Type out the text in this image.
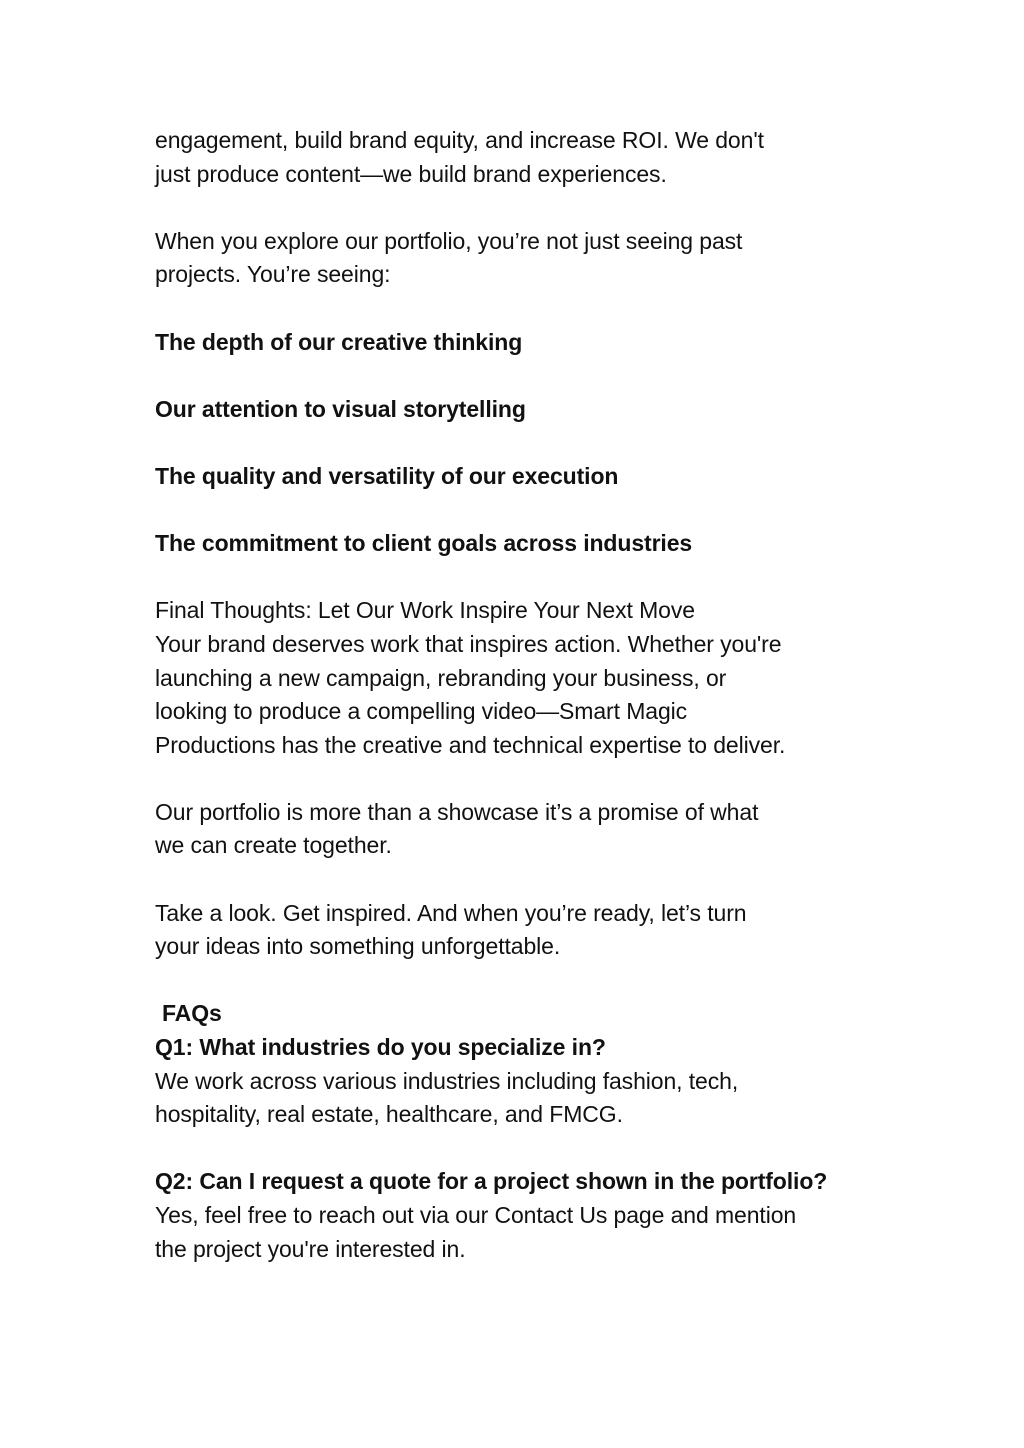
engagement, build brand equity, and increase ROI. We don't

just produce content—we build brand experiences.

When you explore our portfolio, you’re not just seeing past

projects. You’re seeing:

The depth of our creative thinking

Our attention to visual storytelling

The quality and versatility of our execution

The commitment to client goals across industries

Final Thoughts: Let Our Work Inspire Your Next Move

Your brand deserves work that inspires action. Whether you're

launching a new campaign, rebranding your business, or

looking to produce a compelling video—Smart Magic

Productions has the creative and technical expertise to deliver.

Our portfolio is more than a showcase it’s a promise of what

we can create together.

Take a look. Get inspired. And when you’re ready, let’s turn

your ideas into something unforgettable.

FAQs

Q1: What industries do you specialize in?

We work across various industries including fashion, tech,

hospitality, real estate, healthcare, and FMCG.

Q2: Can I request a quote for a project shown in the portfolio?

Yes, feel free to reach out via our Contact Us page and mention

the project you're interested in.
